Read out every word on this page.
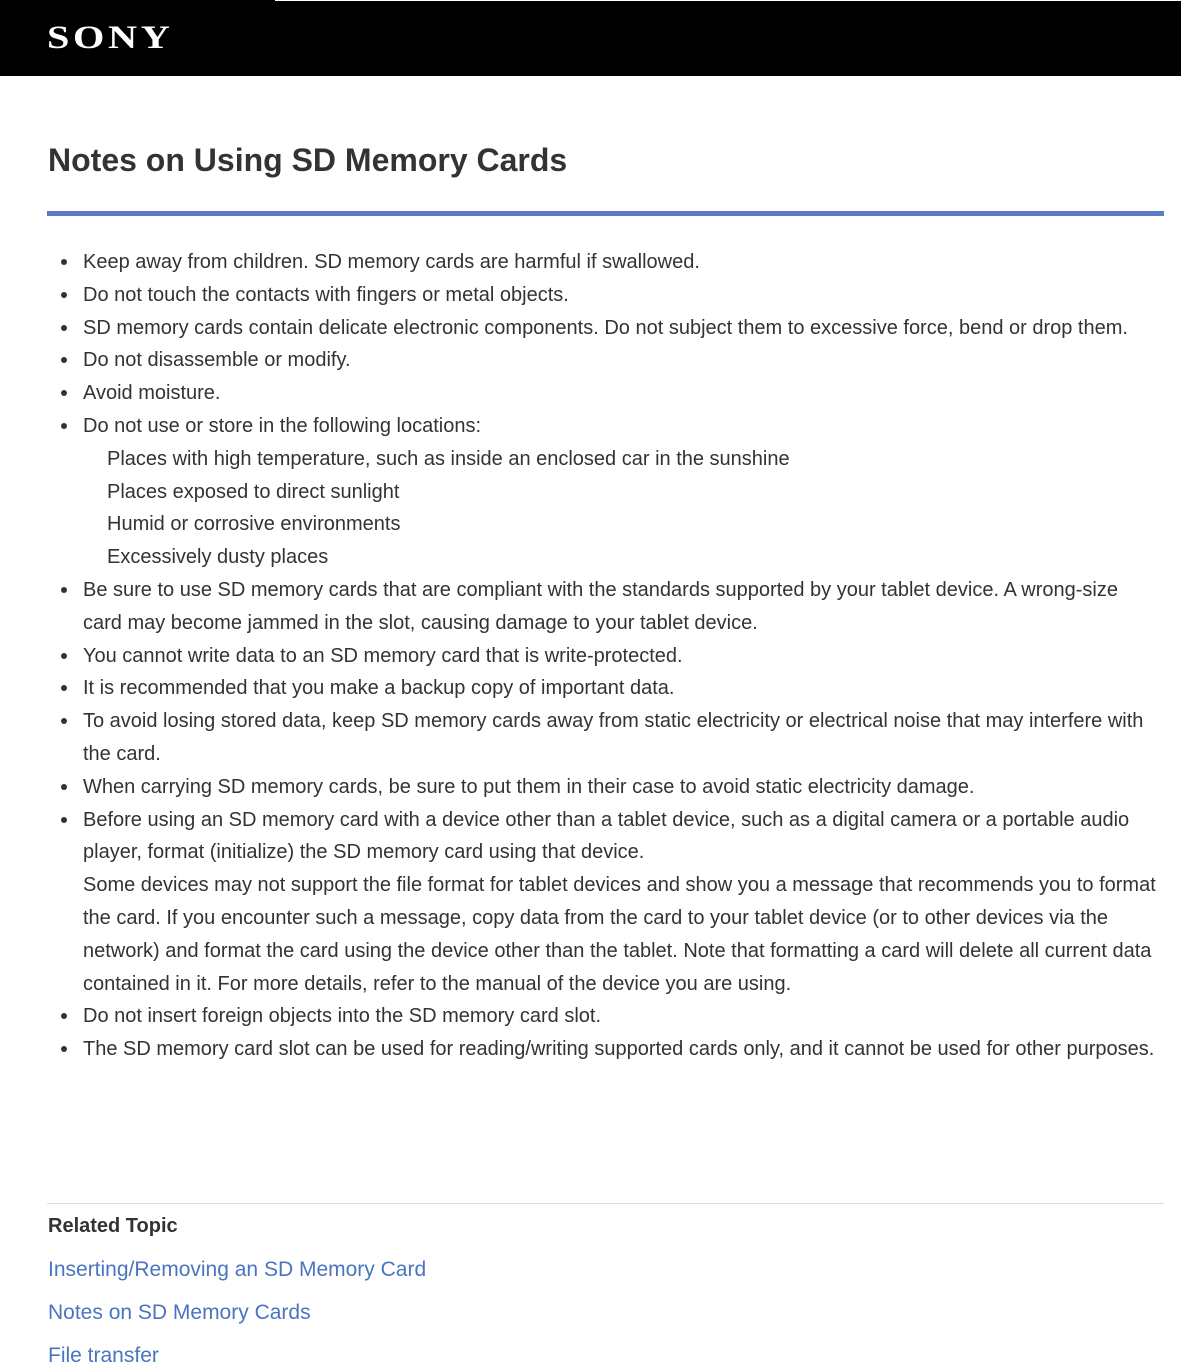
SONY
Notes on Using SD Memory Cards
Keep away from children. SD memory cards are harmful if swallowed.
Do not touch the contacts with fingers or metal objects.
SD memory cards contain delicate electronic components. Do not subject them to excessive force, bend or drop them.
Do not disassemble or modify.
Avoid moisture.
Do not use or store in the following locations:
Places with high temperature, such as inside an enclosed car in the sunshine
Places exposed to direct sunlight
Humid or corrosive environments
Excessively dusty places
Be sure to use SD memory cards that are compliant with the standards supported by your tablet device. A wrong-size card may become jammed in the slot, causing damage to your tablet device.
You cannot write data to an SD memory card that is write-protected.
It is recommended that you make a backup copy of important data.
To avoid losing stored data, keep SD memory cards away from static electricity or electrical noise that may interfere with the card.
When carrying SD memory cards, be sure to put them in their case to avoid static electricity damage.
Before using an SD memory card with a device other than a tablet device, such as a digital camera or a portable audio player, format (initialize) the SD memory card using that device.
Some devices may not support the file format for tablet devices and show you a message that recommends you to format the card. If you encounter such a message, copy data from the card to your tablet device (or to other devices via the network) and format the card using the device other than the tablet. Note that formatting a card will delete all current data contained in it. For more details, refer to the manual of the device you are using.
Do not insert foreign objects into the SD memory card slot.
The SD memory card slot can be used for reading/writing supported cards only, and it cannot be used for other purposes.
Related Topic
Inserting/Removing an SD Memory Card
Notes on SD Memory Cards
File transfer
